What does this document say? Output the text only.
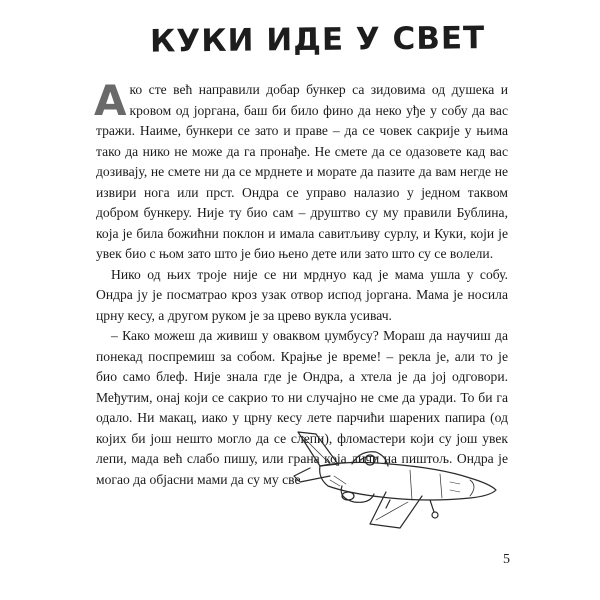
КУКИ ИДЕ У СВЕТ

Ако сте већ направили добар бункер са зидовима од душека и кровом од јоргана, баш би било фино да неко уђе у собу да вас тражи. Наиме, бункери се зато и праве – да се човек сакрије у њима тако да нико не може да га пронађе. Не смете да се одазовете кад вас дозивају, не смете ни да се мрднете и морате да пазите да вам негде не извири нога или прст. Ондра се управо налазио у једном таквом добром бункеру. Није ту био сам – друштво су му правили Бублина, која је била божићни поклон и имала савитљиву сурлу, и Куки, који је увек био с њом зато што је био њено дете или зато што су се волели.

Нико од њих троје није се ни мрднуо кад је мама ушла у собу. Ондра ју је посматрао кроз узак отвор испод јоргана. Мама је носила црну кесу, а другом руком је за црево вукла усивач.

– Како можеш да живиш у оваквом џумбусу? Мораш да научиш да понекад поспремиш за собом. Крајње је време! – рекла је, али то је био само блеф. Није знала где је Ондра, а хтела је да јој одговори. Међутим, онај који се сакрио то ни случајно не сме да уради. То би га одало. Ни макац, иако у црну кесу лете парчићи шарених папира (од којих би још нешто могло да се слепи), фломастери који су још увек лепи, мада већ слабо пишу, или грана која личи на пиштољ. Ондра је могао да објасни мами да су му све

5
